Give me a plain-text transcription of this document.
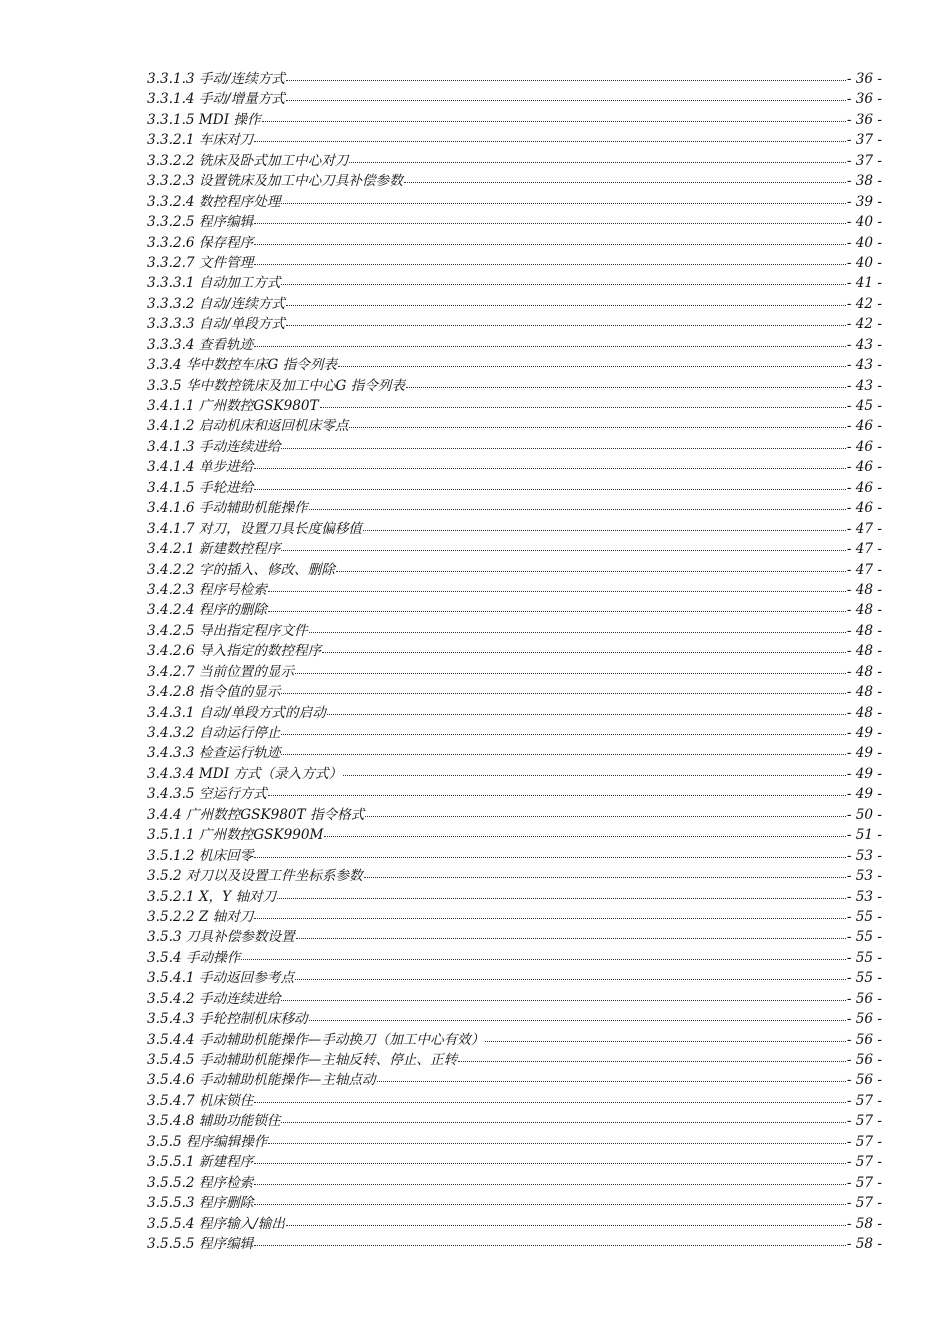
3.3.1.3 手动/连续方式	- 36 -
3.3.1.4 手动/增量方式	- 36 -
3.3.1.5 MDI 操作	- 36 -
3.3.2.1 车床对刀	- 37 -
3.3.2.2 铣床及卧式加工中心对刀	- 37 -
3.3.2.3 设置铣床及加工中心刀具补偿参数	- 38 -
3.3.2.4 数控程序处理	- 39 -
3.3.2.5 程序编辑	- 40 -
3.3.2.6 保存程序	- 40 -
3.3.2.7 文件管理	- 40 -
3.3.3.1 自动加工方式	- 41 -
3.3.3.2 自动/连续方式	- 42 -
3.3.3.3 自动/单段方式	- 42 -
3.3.3.4 查看轨迹	- 43 -
3.3.4 华中数控车床G 指令列表	- 43 -
3.3.5 华中数控铣床及加工中心G 指令列表	- 43 -
3.4.1.1 广州数控GSK980T	- 45 -
3.4.1.2 启动机床和返回机床零点	- 46 -
3.4.1.3 手动连续进给	- 46 -
3.4.1.4 单步进给	- 46 -
3.4.1.5 手轮进给	- 46 -
3.4.1.6 手动辅助机能操作	- 46 -
3.4.1.7 对刀，设置刀具长度偏移值	- 47 -
3.4.2.1 新建数控程序	- 47 -
3.4.2.2 字的插入、修改、删除	- 47 -
3.4.2.3 程序号检索	- 48 -
3.4.2.4 程序的删除	- 48 -
3.4.2.5 导出指定程序文件	- 48 -
3.4.2.6 导入指定的数控程序	- 48 -
3.4.2.7 当前位置的显示	- 48 -
3.4.2.8 指令值的显示	- 48 -
3.4.3.1 自动/单段方式的启动	- 48 -
3.4.3.2 自动运行停止	- 49 -
3.4.3.3 检查运行轨迹	- 49 -
3.4.3.4 MDI 方式（录入方式）	- 49 -
3.4.3.5 空运行方式	- 49 -
3.4.4 广州数控GSK980T 指令格式	- 50 -
3.5.1.1 广州数控GSK990M	- 51 -
3.5.1.2 机床回零	- 53 -
3.5.2 对刀以及设置工件坐标系参数	- 53 -
3.5.2.1 X，Y 轴对刀	- 53 -
3.5.2.2 Z 轴对刀	- 55 -
3.5.3 刀具补偿参数设置	- 55 -
3.5.4 手动操作	- 55 -
3.5.4.1 手动返回参考点	- 55 -
3.5.4.2 手动连续进给	- 56 -
3.5.4.3 手轮控制机床移动	- 56 -
3.5.4.4 手动辅助机能操作—手动换刀（加工中心有效）	- 56 -
3.5.4.5 手动辅助机能操作—主轴反转、停止、正转	- 56 -
3.5.4.6 手动辅助机能操作—主轴点动	- 56 -
3.5.4.7 机床锁住	- 57 -
3.5.4.8 辅助功能锁住	- 57 -
3.5.5 程序编辑操作	- 57 -
3.5.5.1 新建程序	- 57 -
3.5.5.2 程序检索	- 57 -
3.5.5.3 程序删除	- 57 -
3.5.5.4 程序输入/输出	- 58 -
3.5.5.5 程序编辑	- 58 -
